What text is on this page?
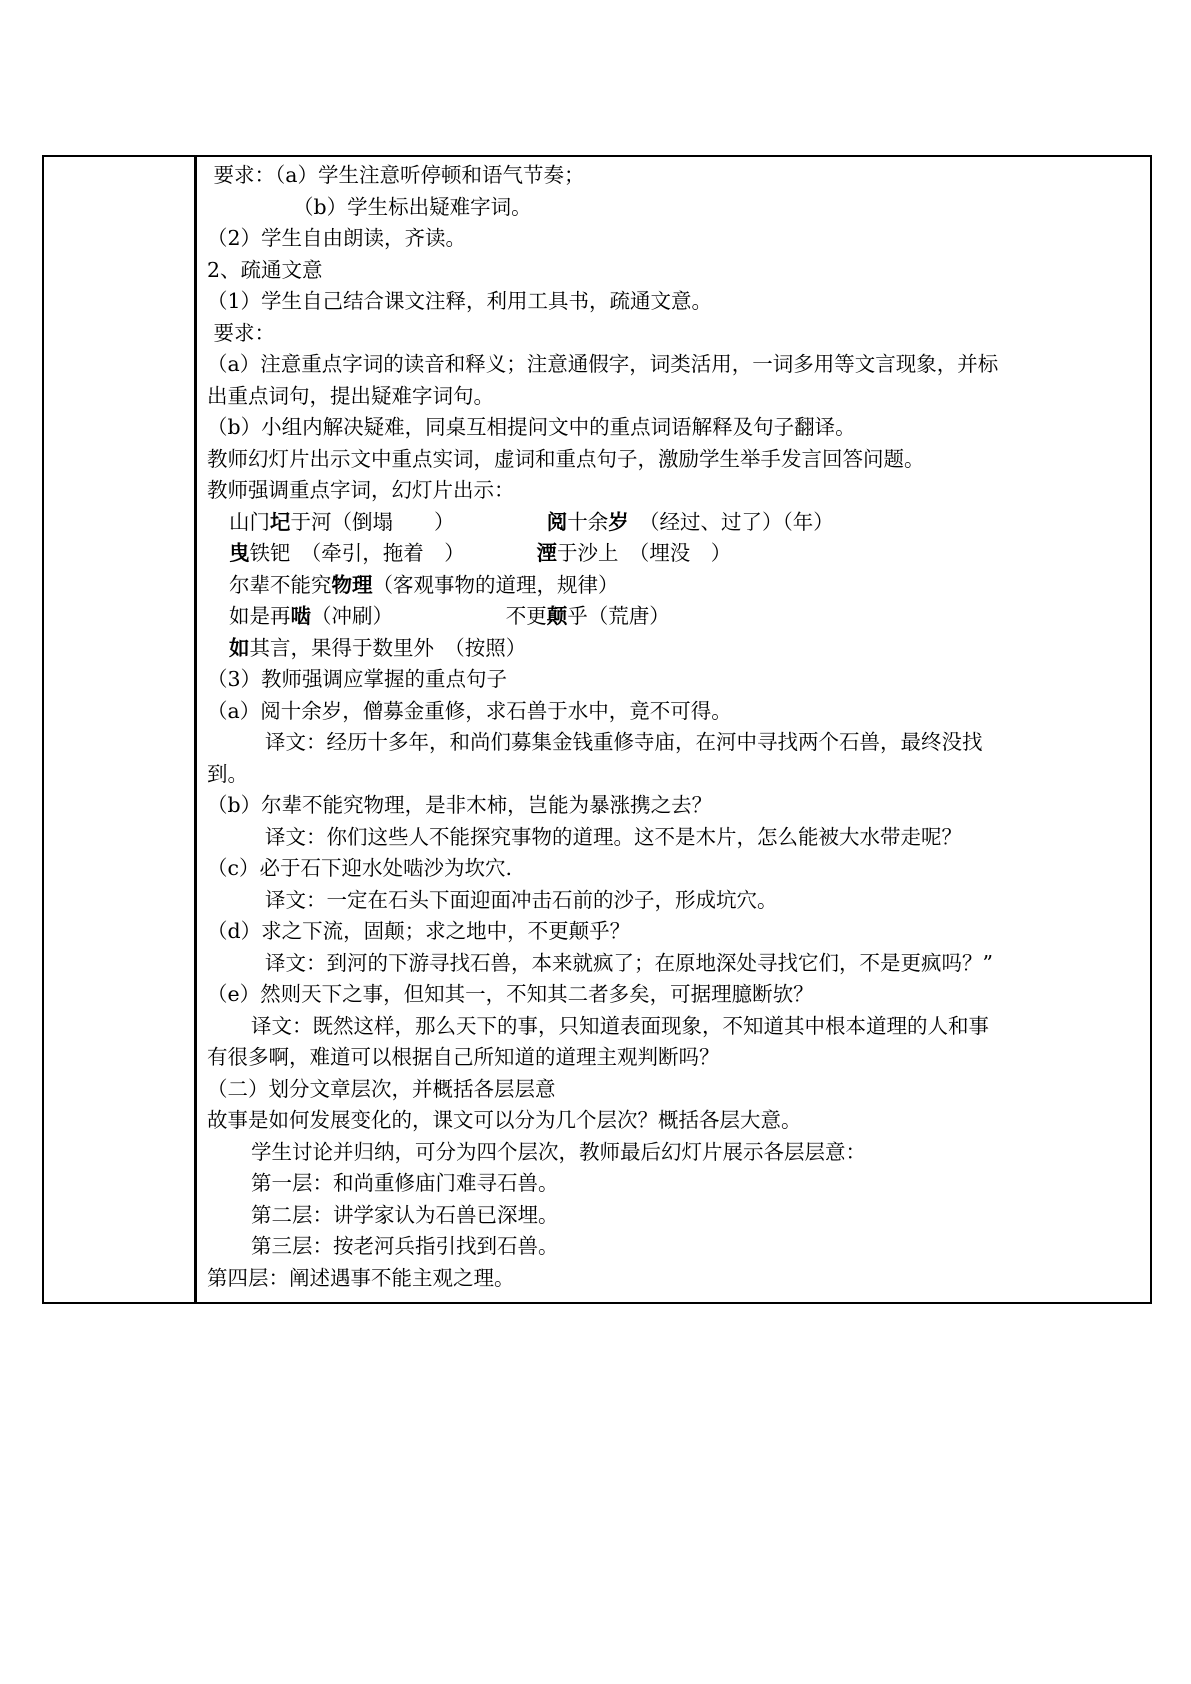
要求：（a）学生注意听停顿和语气节奏；
（b）学生标出疑难字词。
（2）学生自由朗读，齐读。
2、疏通文意
（1）学生自己结合课文注释，利用工具书，疏通文意。
要求：
（a）注意重点字词的读音和释义；注意通假字，词类活用，一词多用等文言现象，并标
出重点词句，提出疑难字词句。
（b）小组内解决疑难，同桌互相提问文中的重点词语解释及句子翻译。
教师幻灯片出示文中重点实词，虚词和重点句子，激励学生举手发言回答问题。
教师强调重点字词，幻灯片出示：
山门圮于河（倒塌　　）　　　　　阅十余岁　（经过、过了）（年）
曳铁钯　（牵引，拖着　）　　　　湮于沙上　（埋没　）
尔辈不能究物理（客观事物的道理，规律）
如是再啮（冲刷）　　　　　　不更颠乎（荒唐）
如其言，果得于数里外　（按照）
（3）教师强调应掌握的重点句子
（a）阅十余岁，僧募金重修，求石兽于水中，竟不可得。
译文：经历十多年，和尚们募集金钱重修寺庙，在河中寻找两个石兽，最终没找
到。
（b）尔辈不能究物理，是非木柿，岂能为暴涨携之去？
译文：你们这些人不能探究事物的道理。这不是木片，怎么能被大水带走呢？
（c）必于石下迎水处啮沙为坎穴.
译文：一定在石头下面迎面冲击石前的沙子，形成坑穴。
（d）求之下流，固颠；求之地中，不更颠乎？
译文：到河的下游寻找石兽，本来就疯了；在原地深处寻找它们，不是更疯吗？”
（e）然则天下之事，但知其一，不知其二者多矣，可据理臆断欤？
译文：既然这样，那么天下的事，只知道表面现象，不知道其中根本道理的人和事
有很多啊，难道可以根据自己所知道的道理主观判断吗？
（二）划分文章层次，并概括各层层意
故事是如何发展变化的，课文可以分为几个层次？概括各层大意。
学生讨论并归纳，可分为四个层次，教师最后幻灯片展示各层层意：
第一层：和尚重修庙门难寻石兽。
第二层：讲学家认为石兽已深埋。
第三层：按老河兵指引找到石兽。
第四层：阐述遇事不能主观之理。
